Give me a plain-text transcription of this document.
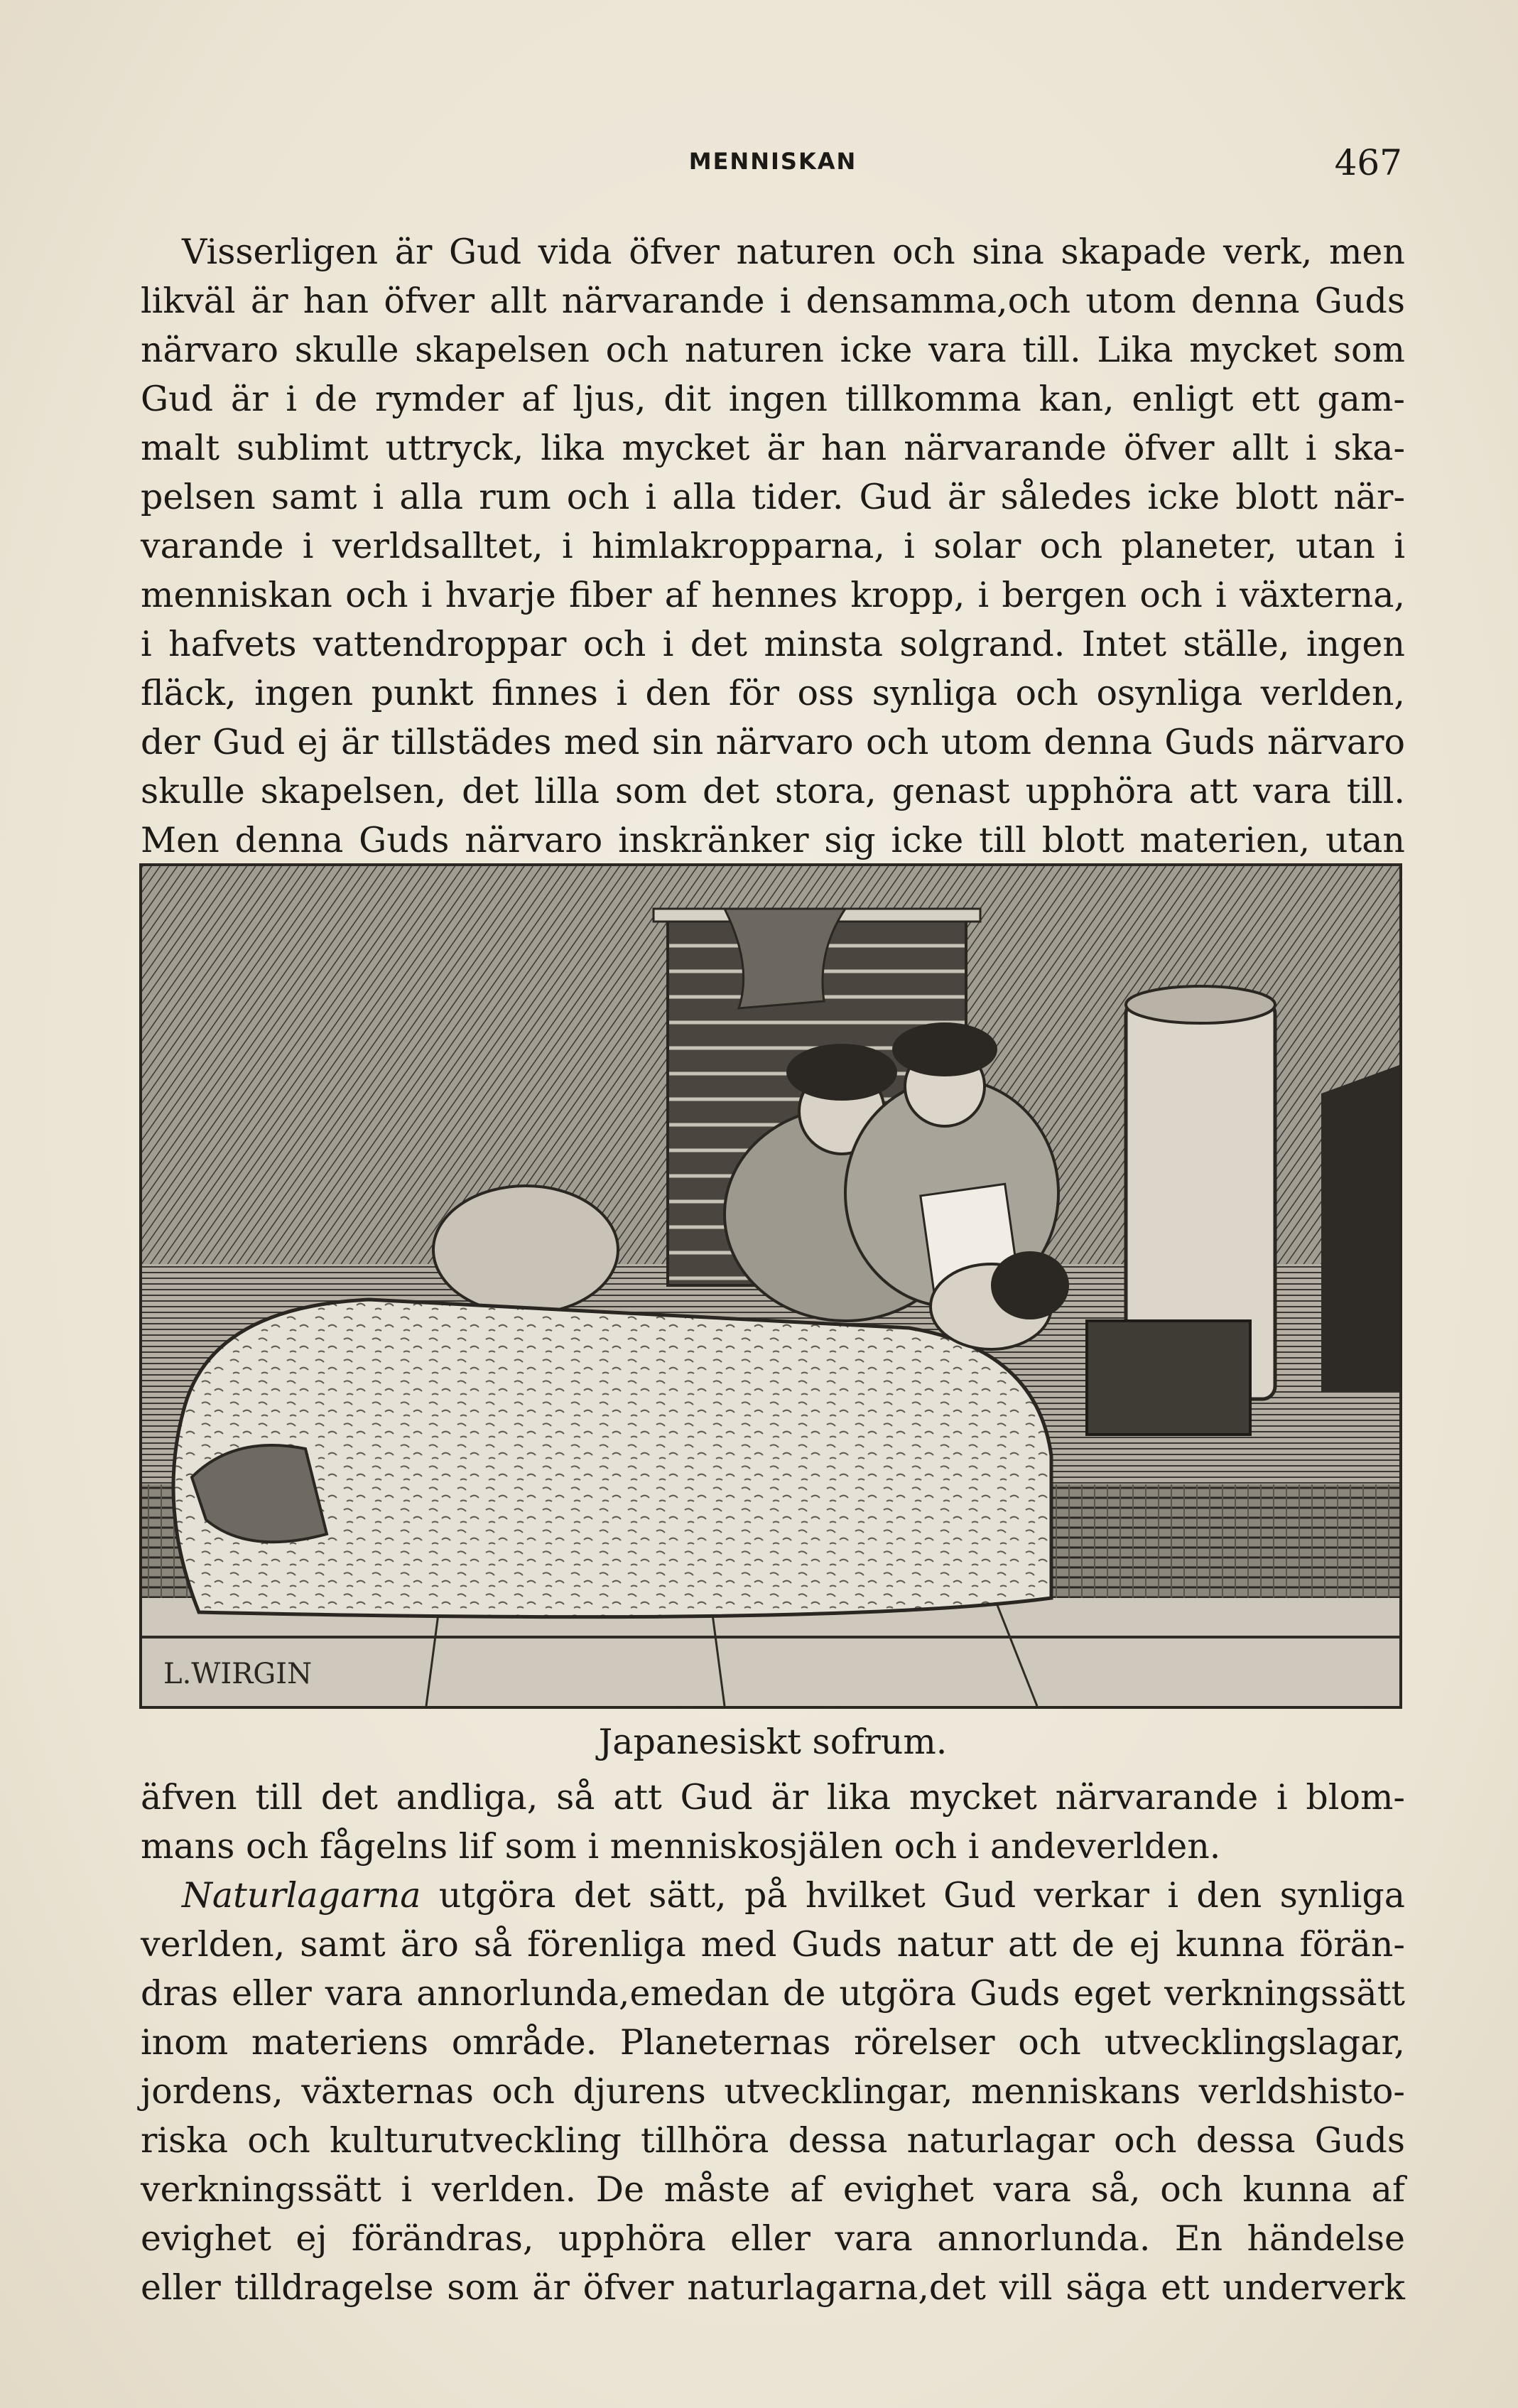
MENNISKAN	467
Visserligen är Gud vida öfver naturen och sina skapade verk, men
likväl är han öfver allt närvarande i densamma,och utom denna Guds
närvaro skulle skapelsen och naturen icke vara till. Lika mycket som
Gud är i de rymder af ljus, dit ingen tillkomma kan, enligt ett gam-
malt sublimt uttryck, lika mycket är han närvarande öfver allt i ska-
pelsen samt i alla rum och i alla tider. Gud är således icke blott när-
varande i verldsalltet, i himlakropparna, i solar och planeter, utan i
menniskan och i hvarje fiber af hennes kropp, i bergen och i växterna,
i hafvets vattendroppar och i det minsta solgrand. Intet ställe, ingen
fläck, ingen punkt finnes i den för oss synliga och osynliga verlden,
der Gud ej är tillstädes med sin närvaro och utom denna Guds närvaro
skulle skapelsen, det lilla som det stora, genast upphöra att vara till.
Men denna Guds närvaro inskränker sig icke till blott materien, utan
L.WIRGIN
Japanesiskt sofrum.
äfven till det andliga, så att Gud är lika mycket närvarande i blom-
mans och fågelns lif som i menniskosjälen och i andeverlden.
Naturlagarna utgöra det sätt, på hvilket Gud verkar i den synliga
verlden, samt äro så förenliga med Guds natur att de ej kunna förän-
dras eller vara annorlunda,emedan de utgöra Guds eget verkningssätt
inom materiens område. Planeternas rörelser och utvecklingslagar,
jordens, växternas och djurens utvecklingar, menniskans verldshisto-
riska och kulturutveckling tillhöra dessa naturlagar och dessa Guds
verkningssätt i verlden. De måste af evighet vara så, och kunna af
evighet ej förändras, upphöra eller vara annorlunda. En händelse
eller tilldragelse som är öfver naturlagarna,det vill säga ett underverk
